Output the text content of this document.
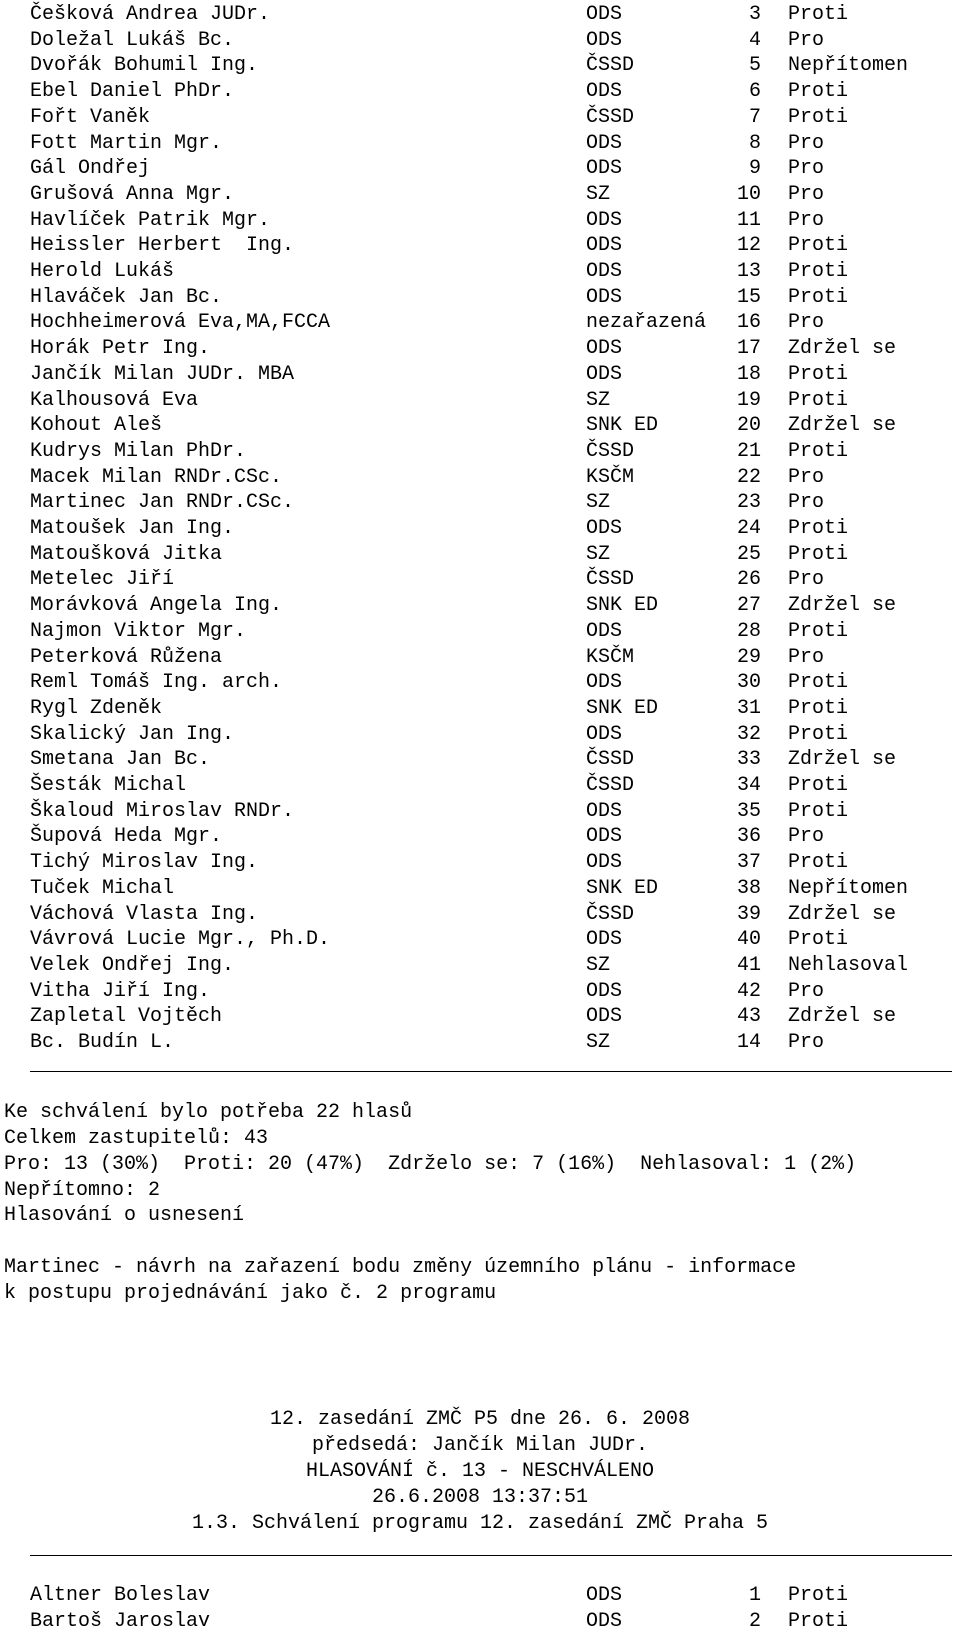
Češková Andrea JUDr.	ODS	3 Proti
Doležal Lukáš Bc.	ODS	4 Pro
Dvořák Bohumil Ing.	ČSSD	5 Nepřítomen
Ebel Daniel PhDr.	ODS	6 Proti
Fořt Vaněk	ČSSD	7 Proti
Fott Martin Mgr.	ODS	8 Pro
Gál Ondřej	ODS	9 Pro
Grušová Anna Mgr.	SZ	10 Pro
Havlíček Patrik Mgr.	ODS	11 Pro
Heissler Herbert  Ing.	ODS	12 Proti
Herold Lukáš	ODS	13 Proti
Hlaváček Jan Bc.	ODS	15 Proti
Hochheimerová Eva,MA,FCCA	nezařazená 16 Pro
Horák Petr Ing.	ODS	17 Zdržel se
Jančík Milan JUDr. MBA	ODS	18 Proti
Kalhousová Eva	SZ	19 Proti
Kohout Aleš	SNK ED	20 Zdržel se
Kudrys Milan PhDr.	ČSSD	21 Proti
Macek Milan RNDr.CSc.	KSČM	22 Pro
Martinec Jan RNDr.CSc.	SZ	23 Pro
Matoušek Jan Ing.	ODS	24 Proti
Matoušková Jitka	SZ	25 Proti
Metelec Jiří	ČSSD	26 Pro
Morávková Angela Ing.	SNK ED	27 Zdržel se
Najmon Viktor Mgr.	ODS	28 Proti
Peterková Růžena	KSČM	29 Pro
Reml Tomáš Ing. arch.	ODS	30 Proti
Rygl Zdeněk	SNK ED	31 Proti
Skalický Jan Ing.	ODS	32 Proti
Smetana Jan Bc.	ČSSD	33 Zdržel se
Šesták Michal	ČSSD	34 Proti
Škaloud Miroslav RNDr.	ODS	35 Proti
Šupová Heda Mgr.	ODS	36 Pro
Tichý Miroslav Ing.	ODS	37 Proti
Tuček Michal	SNK ED	38 Nepřítomen
Váchová Vlasta Ing.	ČSSD	39 Zdržel se
Vávrová Lucie Mgr., Ph.D.	ODS	40 Proti
Velek Ondřej Ing.	SZ	41 Nehlasoval
Vitha Jiří Ing.	ODS	42 Pro
Zapletal Vojtěch	ODS	43 Zdržel se
Bc. Budín L.	SZ	14 Pro
Ke schválení bylo potřeba 22 hlasů
Celkem zastupitelů: 43
Pro: 13 (30%)  Proti: 20 (47%)  Zdrželo se: 7 (16%)  Nehlasoval: 1 (2%)
Nepřítomno: 2
Hlasování o usnesení
Martinec - návrh na zařazení bodu změny územního plánu - informace
k postupu projednávání jako č. 2 programu
12. zasedání ZMČ P5 dne 26. 6. 2008
předsedá: Jančík Milan JUDr.
HLASOVÁNÍ č. 13 - NESCHVÁLENO
26.6.2008 13:37:51
1.3. Schválení programu 12. zasedání ZMČ Praha 5
Altner Boleslav	ODS	1 Proti
Bartoš Jaroslav	ODS	2 Proti
